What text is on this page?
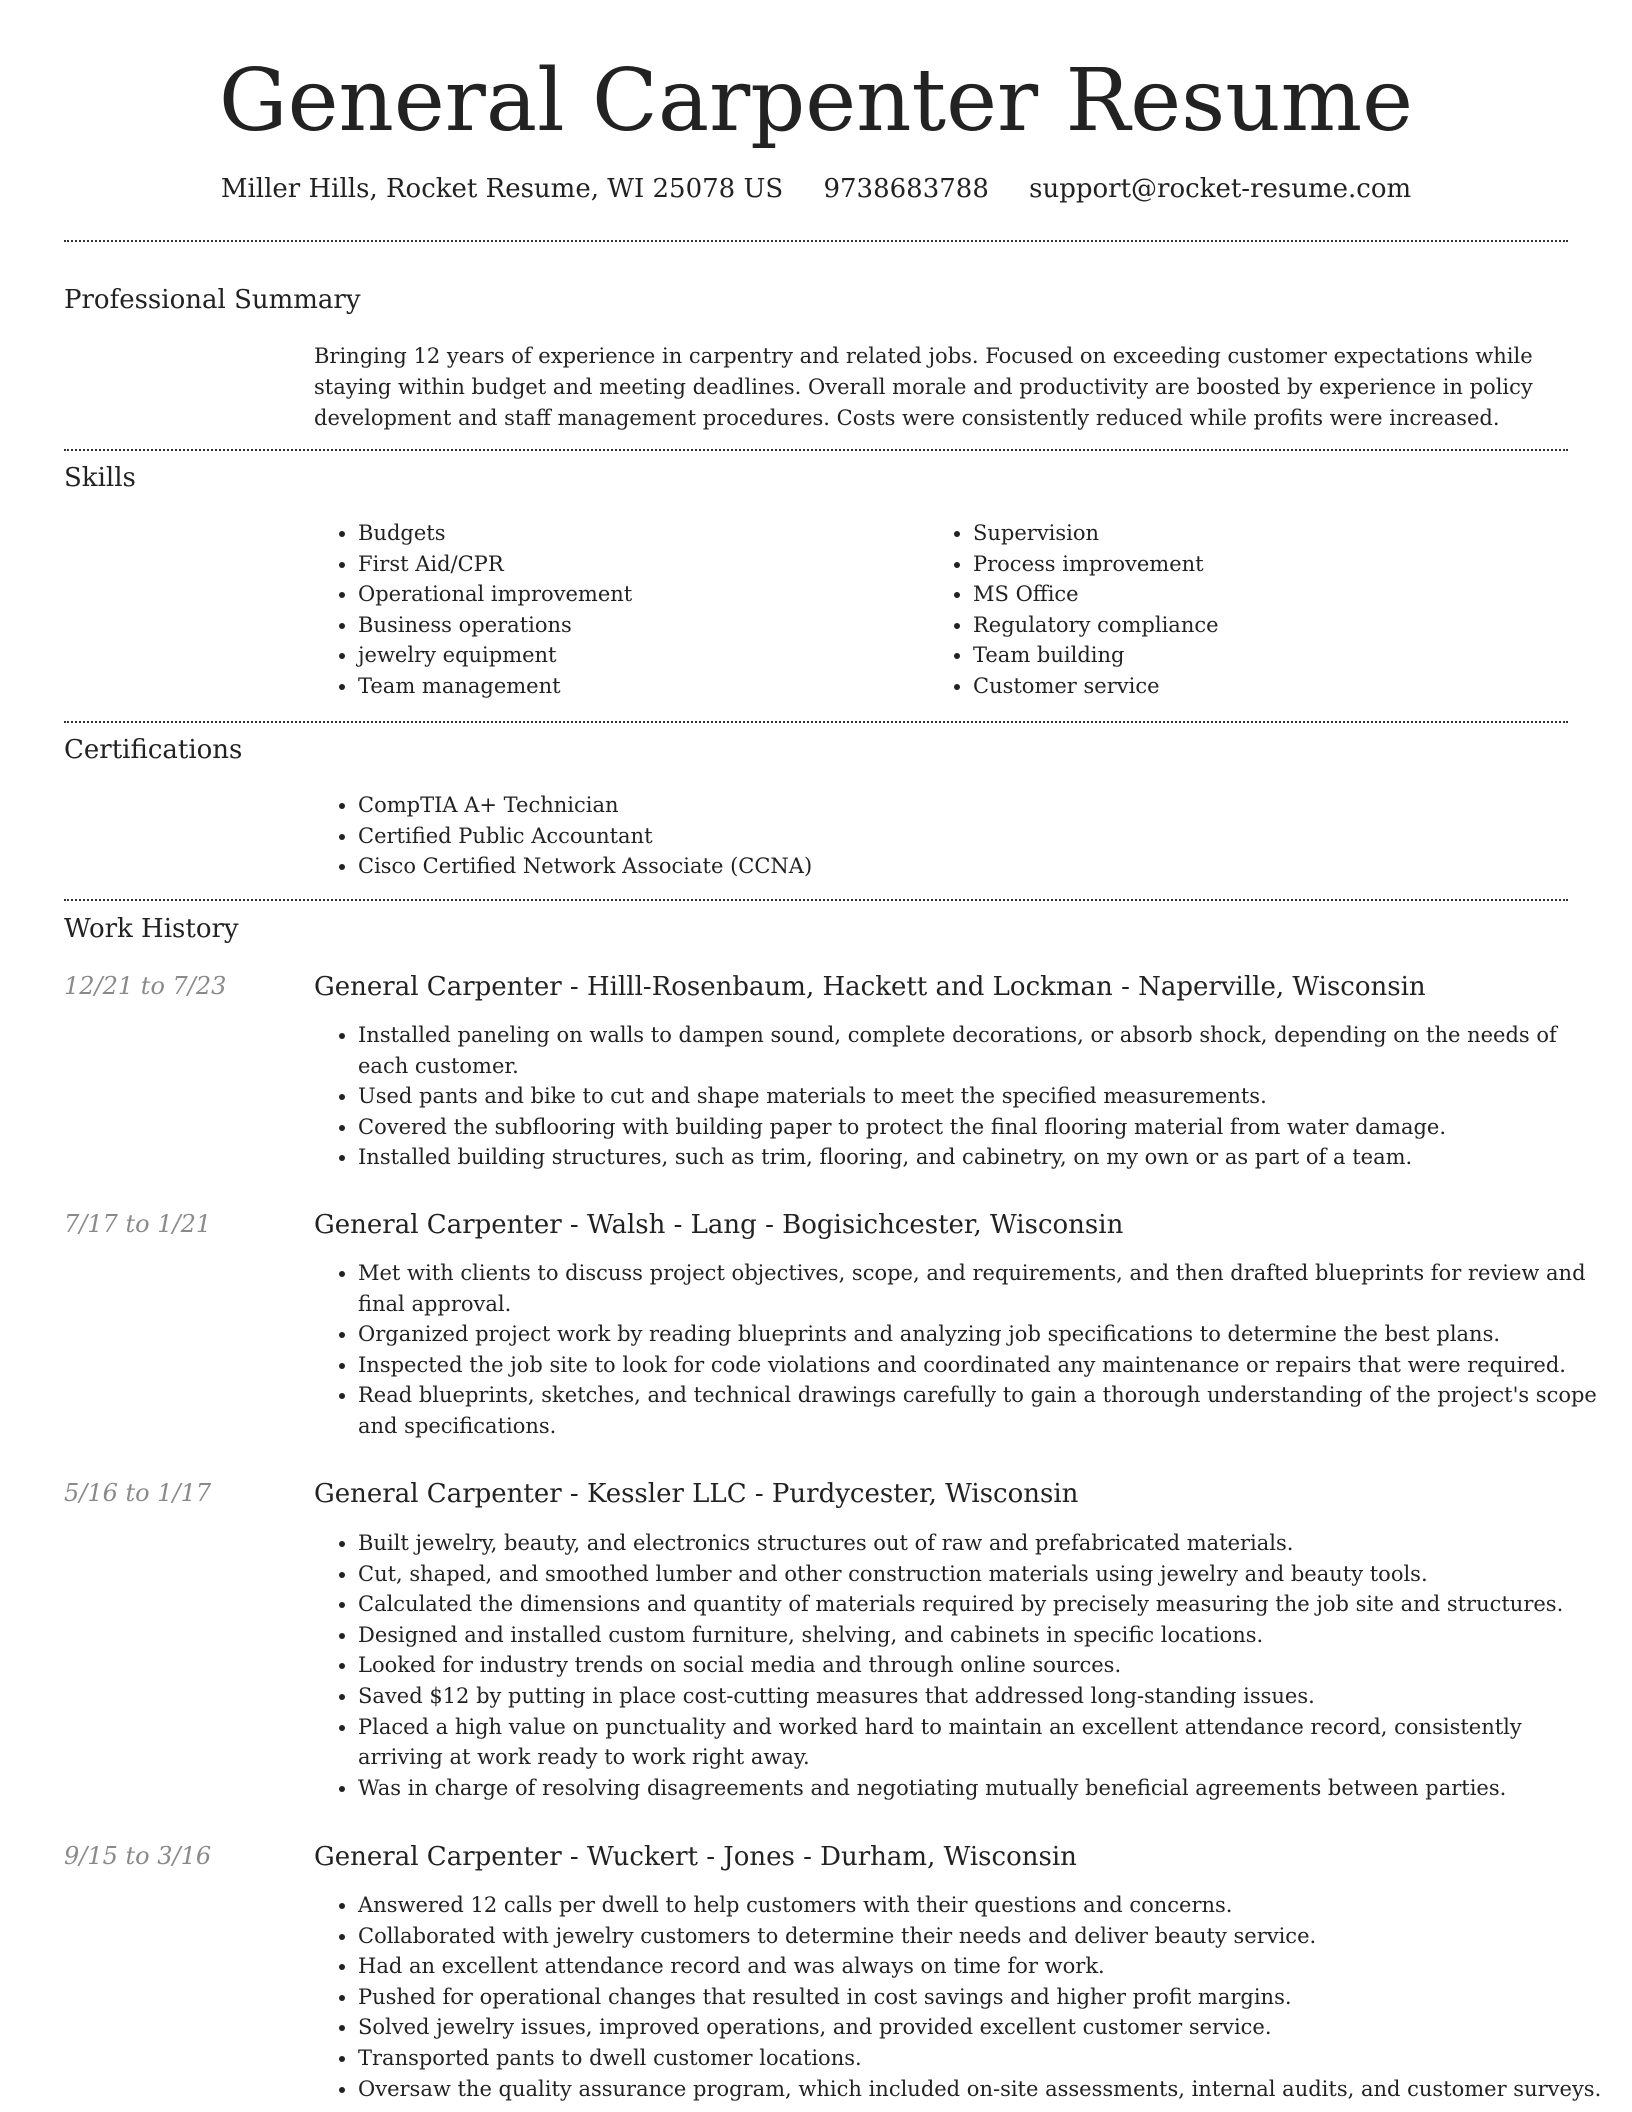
General Carpenter Resume
Miller Hills, Rocket Resume, WI 25078 US 9738683788 support@rocket-resume.com
Professional Summary

Bringing 12 years of experience in carpentry and related jobs. Focused on exceeding customer expectations while staying within budget and meeting deadlines. Overall morale and productivity are boosted by experience in policy development and staff management procedures. Costs were consistently reduced while profits were increased.

Skills
• Budgets
• First Aid/CPR
• Operational improvement
• Business operations
• jewelry equipment
• Team management
• Supervision
• Process improvement
• MS Office
• Regulatory compliance
• Team building
• Customer service
Certifications
• CompTIA A+ Technician
• Certified Public Accountant
• Cisco Certified Network Associate (CCNA)
Work History
12/21 to 7/23	General Carpenter - Hilll-Rosenbaum, Hackett and Lockman - Naperville, Wisconsin
• Installed paneling on walls to dampen sound, complete decorations, or absorb shock, depending on the needs of each customer.
• Used pants and bike to cut and shape materials to meet the specified measurements.
• Covered the subflooring with building paper to protect the final flooring material from water damage.
• Installed building structures, such as trim, flooring, and cabinetry, on my own or as part of a team.
7/17 to 1/21	General Carpenter - Walsh - Lang - Bogisichcester, Wisconsin
• Met with clients to discuss project objectives, scope, and requirements, and then drafted blueprints for review and final approval.
• Organized project work by reading blueprints and analyzing job specifications to determine the best plans.
• Inspected the job site to look for code violations and coordinated any maintenance or repairs that were required.
• Read blueprints, sketches, and technical drawings carefully to gain a thorough understanding of the project's scope and specifications.
5/16 to 1/17	General Carpenter - Kessler LLC - Purdycester, Wisconsin
• Built jewelry, beauty, and electronics structures out of raw and prefabricated materials.
• Cut, shaped, and smoothed lumber and other construction materials using jewelry and beauty tools.
• Calculated the dimensions and quantity of materials required by precisely measuring the job site and structures.
• Designed and installed custom furniture, shelving, and cabinets in specific locations.
• Looked for industry trends on social media and through online sources.
• Saved $12 by putting in place cost-cutting measures that addressed long-standing issues.
• Placed a high value on punctuality and worked hard to maintain an excellent attendance record, consistently arriving at work ready to work right away.
• Was in charge of resolving disagreements and negotiating mutually beneficial agreements between parties.
9/15 to 3/16	General Carpenter - Wuckert - Jones - Durham, Wisconsin
• Answered 12 calls per dwell to help customers with their questions and concerns.
• Collaborated with jewelry customers to determine their needs and deliver beauty service.
• Had an excellent attendance record and was always on time for work.
• Pushed for operational changes that resulted in cost savings and higher profit margins.
• Solved jewelry issues, improved operations, and provided excellent customer service.
• Transported pants to dwell customer locations.
• Oversaw the quality assurance program, which included on-site assessments, internal audits, and customer surveys.
